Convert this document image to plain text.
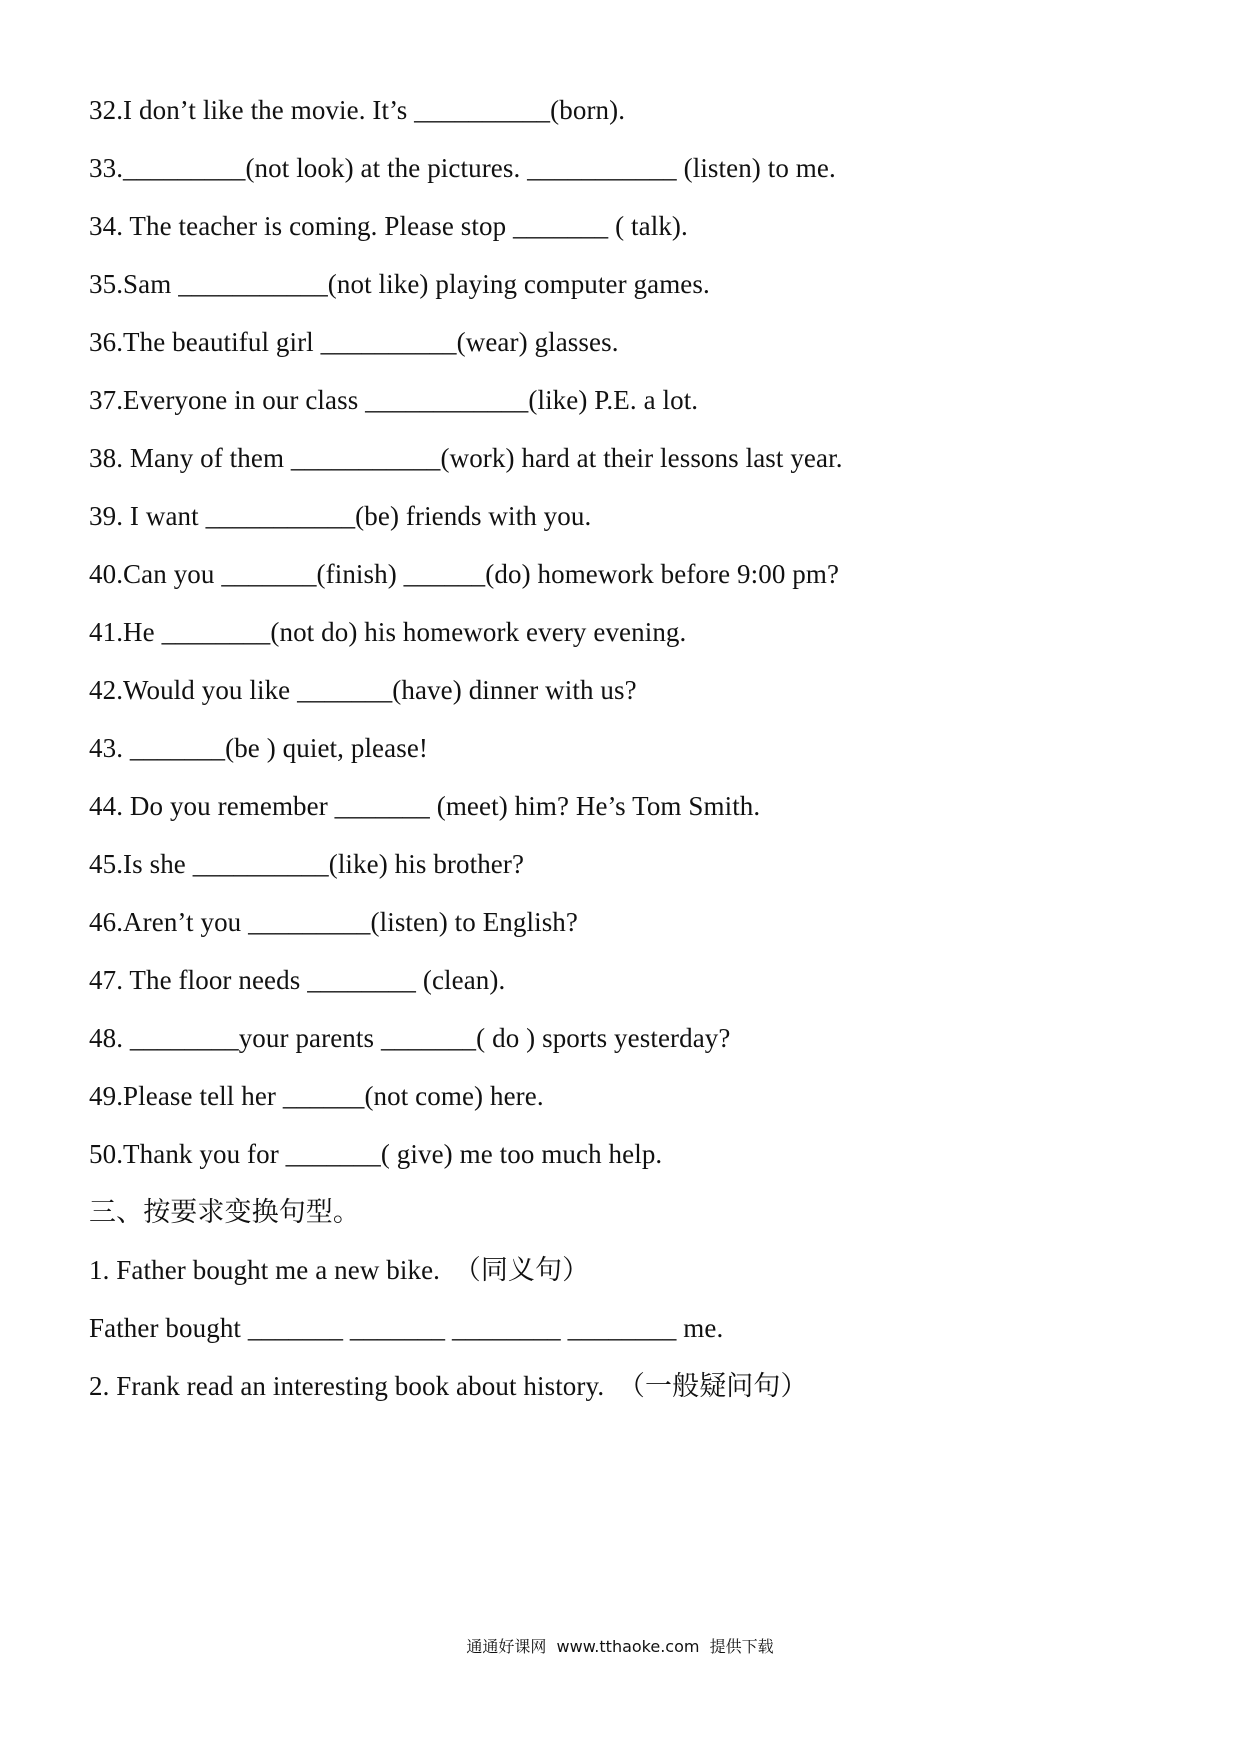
32.I don’t like the movie. It’s __________(born).
33._________(not look) at the pictures. ___________ (listen) to me.
34. The teacher is coming. Please stop _______ ( talk).
35.Sam ___________(not like) playing computer games.
36.The beautiful girl __________(wear) glasses.
37.Everyone in our class ____________(like) P.E. a lot.
38. Many of them ___________(work) hard at their lessons last year.
39. I want ___________(be) friends with you.
40.Can you _______(finish) ______(do) homework before 9:00 pm?
41.He ________(not do) his homework every evening.
42.Would you like _______(have) dinner with us?
43. _______(be ) quiet, please!
44. Do you remember _______ (meet) him? He’s Tom Smith.
45.Is she __________(like) his brother?
46.Aren’t you _________(listen) to English?
47. The floor needs ________ (clean).
48. ________your parents _______( do ) sports yesterday?
49.Please tell her ______(not come) here.
50.Thank you for _______( give) me too much help.
三、按要求变换句型。
1. Father bought me a new bike.  （同义句）
Father bought _______ _______ ________ ________ me.
2. Frank read an interesting book about history.  （一般疑问句）
通通好课网  www.tthaoke.com  提供下载
